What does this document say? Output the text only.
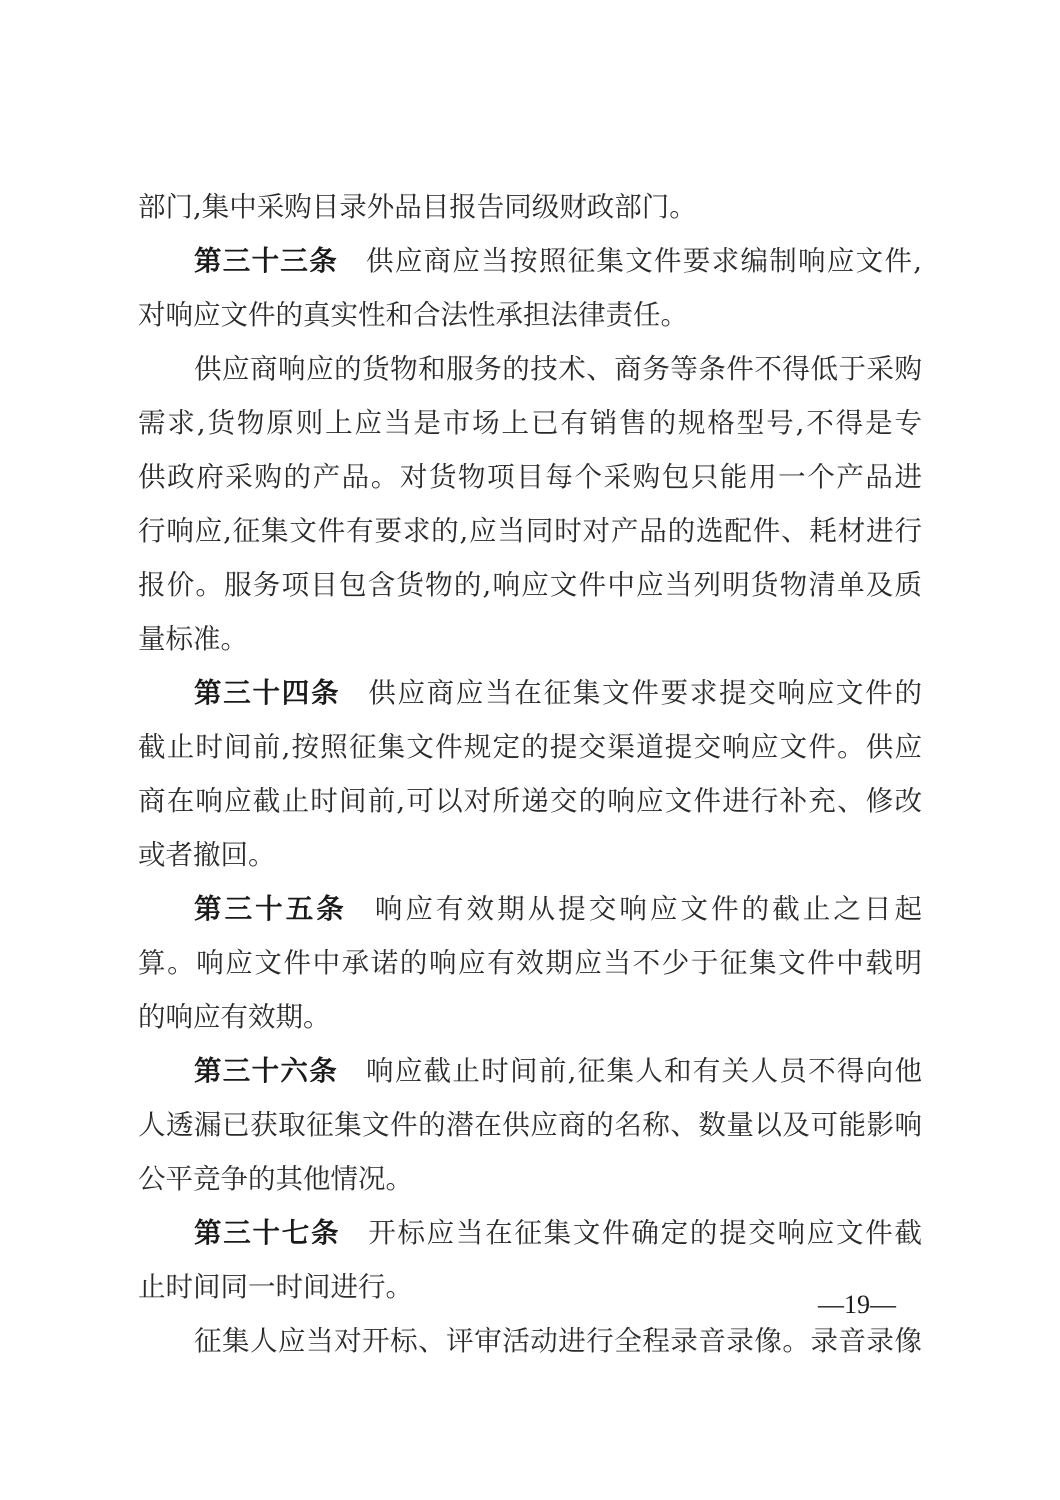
部门,集中采购目录外品目报告同级财政部门。
第三十三条 供应商应当按照征集文件要求编制响应文件,
对响应文件的真实性和合法性承担法律责任。
供应商响应的货物和服务的技术、商务等条件不得低于采购
需求,货物原则上应当是市场上已有销售的规格型号,不得是专
供政府采购的产品。对货物项目每个采购包只能用一个产品进
行响应,征集文件有要求的,应当同时对产品的选配件、耗材进行
报价。服务项目包含货物的,响应文件中应当列明货物清单及质
量标准。
第三十四条 供应商应当在征集文件要求提交响应文件的
截止时间前,按照征集文件规定的提交渠道提交响应文件。供应
商在响应截止时间前,可以对所递交的响应文件进行补充、修改
或者撤回。
第三十五条 响应有效期从提交响应文件的截止之日起
算。响应文件中承诺的响应有效期应当不少于征集文件中载明
的响应有效期。
第三十六条 响应截止时间前,征集人和有关人员不得向他
人透漏已获取征集文件的潜在供应商的名称、数量以及可能影响
公平竞争的其他情况。
第三十七条 开标应当在征集文件确定的提交响应文件截
止时间同一时间进行。
征集人应当对开标、评审活动进行全程录音录像。录音录像
—19—
